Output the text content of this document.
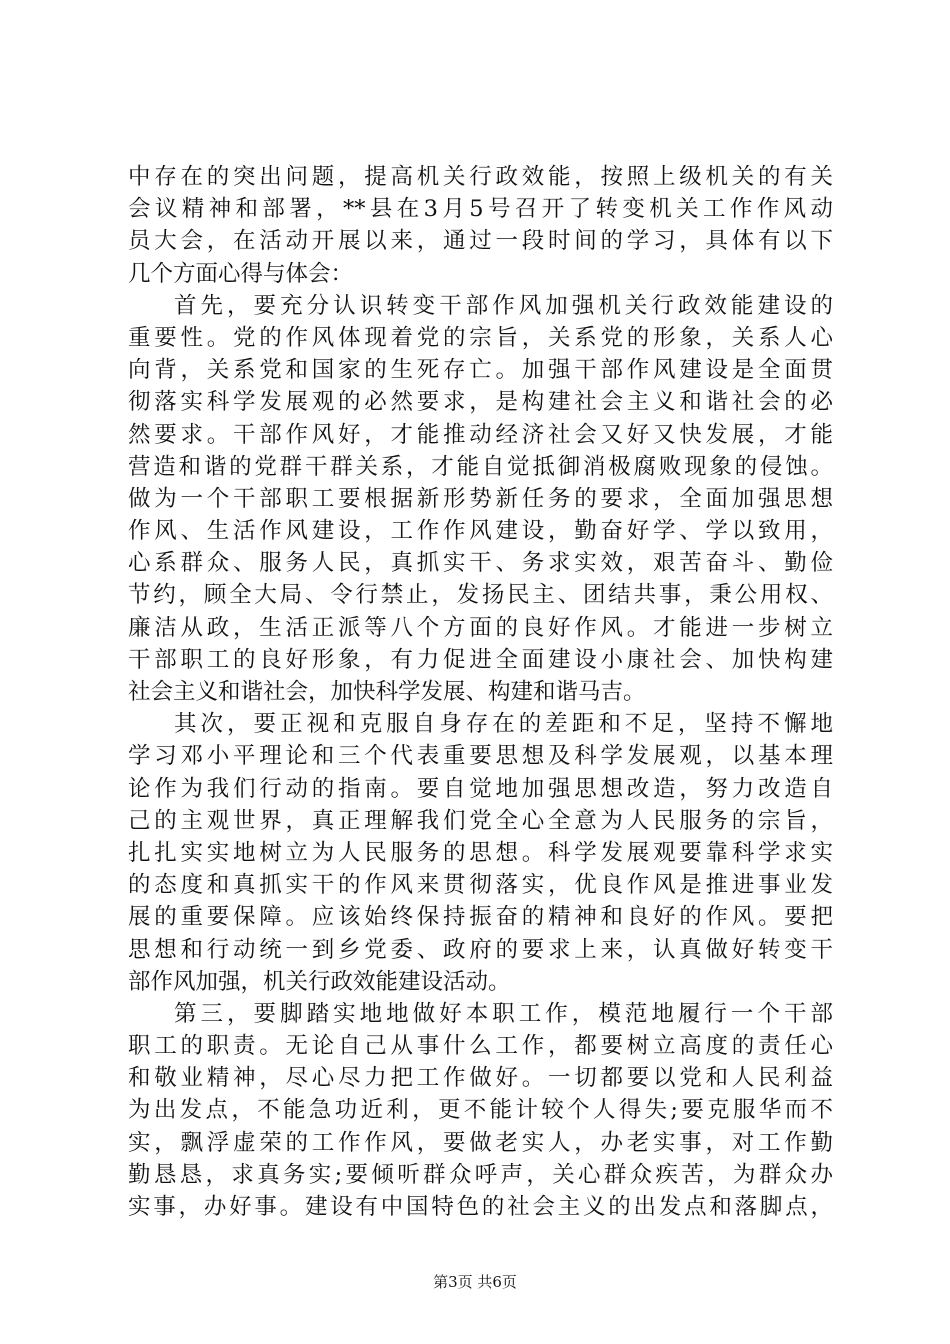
中存在的突出问题，提高机关行政效能，按照上级机关的有关
会议精神和部署，**县在3月5号召开了转变机关工作作风动
员大会，在活动开展以来，通过一段时间的学习，具体有以下
几个方面心得与体会：
首先，要充分认识转变干部作风加强机关行政效能建设的
重要性。党的作风体现着党的宗旨，关系党的形象，关系人心
向背，关系党和国家的生死存亡。加强干部作风建设是全面贯
彻落实科学发展观的必然要求，是构建社会主义和谐社会的必
然要求。干部作风好，才能推动经济社会又好又快发展，才能
营造和谐的党群干群关系，才能自觉抵御消极腐败现象的侵蚀。
做为一个干部职工要根据新形势新任务的要求，全面加强思想
作风、生活作风建设，工作作风建设，勤奋好学、学以致用，
心系群众、服务人民，真抓实干、务求实效，艰苦奋斗、勤俭
节约，顾全大局、令行禁止，发扬民主、团结共事，秉公用权、
廉洁从政，生活正派等八个方面的良好作风。才能进一步树立
干部职工的良好形象，有力促进全面建设小康社会、加快构建
社会主义和谐社会，加快科学发展、构建和谐马吉。
其次，要正视和克服自身存在的差距和不足，坚持不懈地
学习邓小平理论和三个代表重要思想及科学发展观，以基本理
论作为我们行动的指南。要自觉地加强思想改造，努力改造自
己的主观世界，真正理解我们党全心全意为人民服务的宗旨，
扎扎实实地树立为人民服务的思想。科学发展观要靠科学求实
的态度和真抓实干的作风来贯彻落实，优良作风是推进事业发
展的重要保障。应该始终保持振奋的精神和良好的作风。要把
思想和行动统一到乡党委、政府的要求上来，认真做好转变干
部作风加强，机关行政效能建设活动。
第三，要脚踏实地地做好本职工作，模范地履行一个干部
职工的职责。无论自己从事什么工作，都要树立高度的责任心
和敬业精神，尽心尽力把工作做好。一切都要以党和人民利益
为出发点，不能急功近利，更不能计较个人得失;要克服华而不
实，飘浮虚荣的工作作风，要做老实人，办老实事，对工作勤
勤恳恳，求真务实;要倾听群众呼声，关心群众疾苦，为群众办
实事，办好事。建设有中国特色的社会主义的出发点和落脚点，
第3页 共6页
